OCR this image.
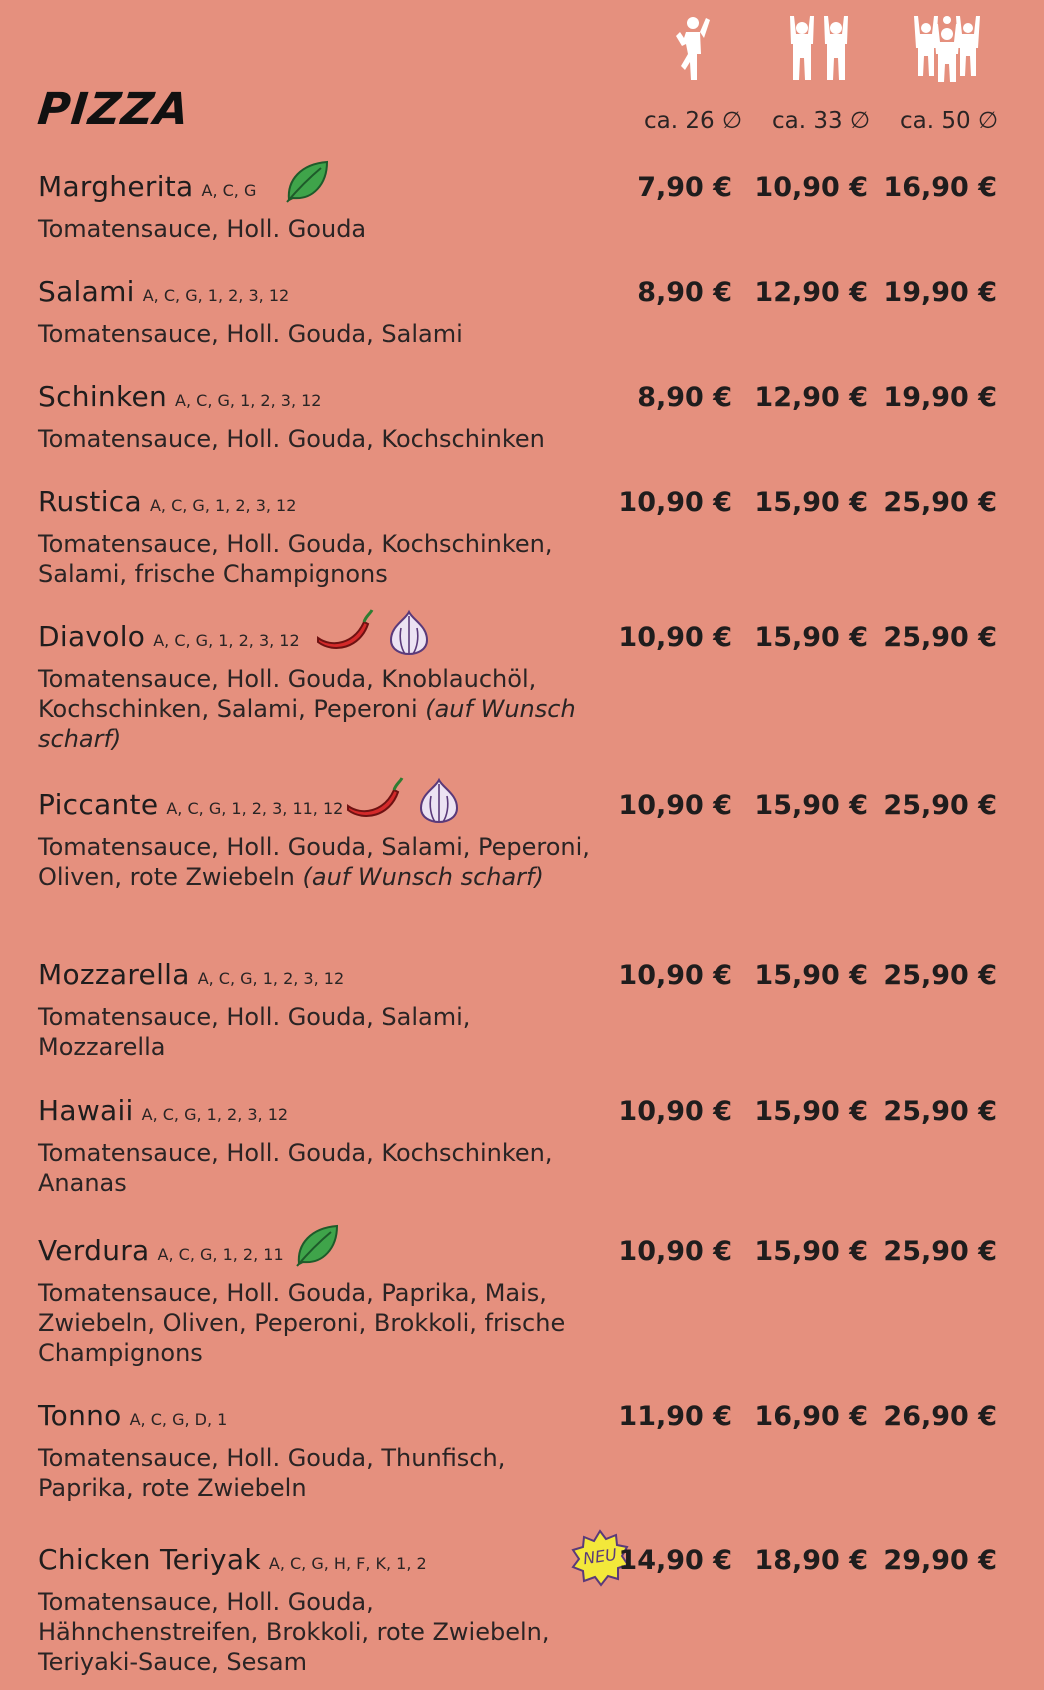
PIZZA	ca. 26 ∅	ca. 33 ∅	ca. 50 ∅
Margherita A, C, G
Tomatensauce, Holl. Gouda
7,90 € 10,90 € 16,90 €
Salami A, C, G, 1, 2, 3, 12
Tomatensauce, Holl. Gouda, Salami
8,90 € 12,90 € 19,90 €
Schinken A, C, G, 1, 2, 3, 12
Tomatensauce, Holl. Gouda, Kochschinken
8,90 € 12,90 € 19,90 €
Rustica A, C, G, 1, 2, 3, 12
Tomatensauce, Holl. Gouda, Kochschinken, Salami, frische Champignons
10,90 € 15,90 € 25,90 €
Diavolo A, C, G, 1, 2, 3, 12
Tomatensauce, Holl. Gouda, Knoblauchöl, Kochschinken, Salami, Peperoni (auf Wunsch scharf)
10,90 € 15,90 € 25,90 €
Piccante A, C, G, 1, 2, 3, 11, 12
Tomatensauce, Holl. Gouda, Salami, Peperoni, Oliven, rote Zwiebeln (auf Wunsch scharf)
10,90 € 15,90 € 25,90 €
Mozzarella A, C, G, 1, 2, 3, 12
Tomatensauce, Holl. Gouda, Salami, Mozzarella
10,90 € 15,90 € 25,90 €
Hawaii A, C, G, 1, 2, 3, 12
Tomatensauce, Holl. Gouda, Kochschinken, Ananas
10,90 € 15,90 € 25,90 €
Verdura A, C, G, 1, 2, 11
Tomatensauce, Holl. Gouda, Paprika, Mais, Zwiebeln, Oliven, Peperoni, Brokkoli, frische Champignons
10,90 € 15,90 € 25,90 €
Tonno A, C, G, D, 1
Tomatensauce, Holl. Gouda, Thunfisch, Paprika, rote Zwiebeln
11,90 € 16,90 € 26,90 €
Chicken Teriyak A, C, G, H, F, K, 1, 2	NEU
Tomatensauce, Holl. Gouda, Hähnchenstreifen, Brokkoli, rote Zwiebeln, Teriyaki-Sauce, Sesam
14,90 € 18,90 € 29,90 €
